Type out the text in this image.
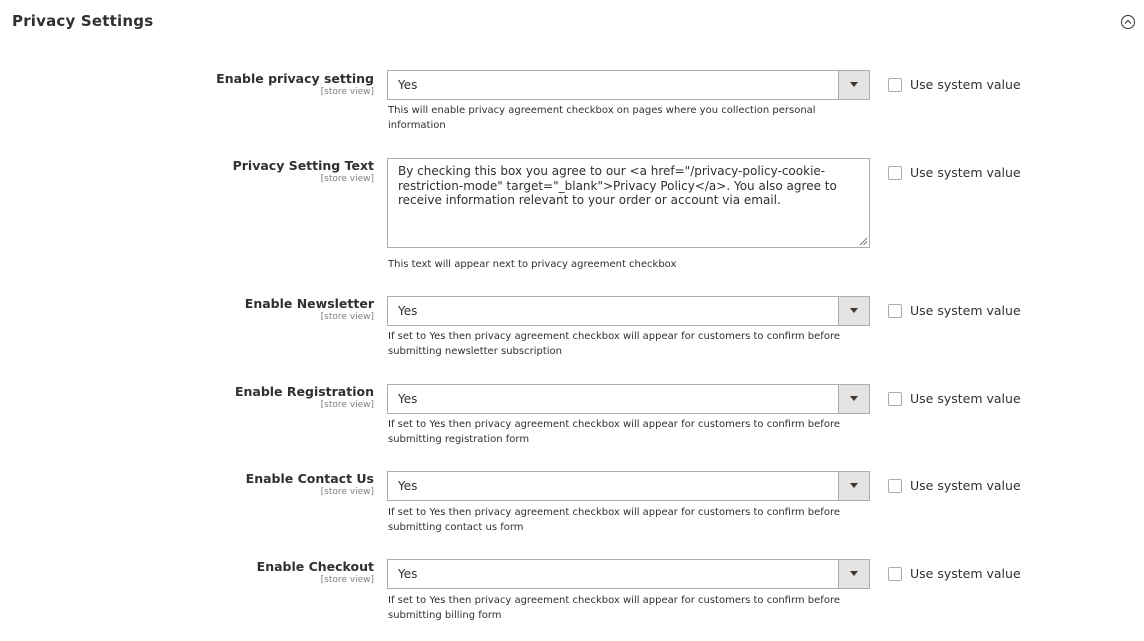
Privacy Settings
Enable privacy setting
[store view] Yes	Use system value
This will enable privacy agreement checkbox on pages where you collection personal information
Privacy Setting Text
[store view]
By checking this box you agree to our <a href="/privacy-policy-cookie-restriction-mode" target="_blank">Privacy Policy</a>. You also agree to receive information relevant to your order or account via email.
Use system value
This text will appear next to privacy agreement checkbox
Enable Newsletter
[store view] Yes	Use system value
If set to Yes then privacy agreement checkbox will appear for customers to confirm before submitting newsletter subscription
Enable Registration
[store view] Yes	Use system value
If set to Yes then privacy agreement checkbox will appear for customers to confirm before submitting registration form
Enable Contact Us
[store view] Yes	Use system value
If set to Yes then privacy agreement checkbox will appear for customers to confirm before submitting contact us form
Enable Checkout
[store view] Yes	Use system value
If set to Yes then privacy agreement checkbox will appear for customers to confirm before submitting billing form
